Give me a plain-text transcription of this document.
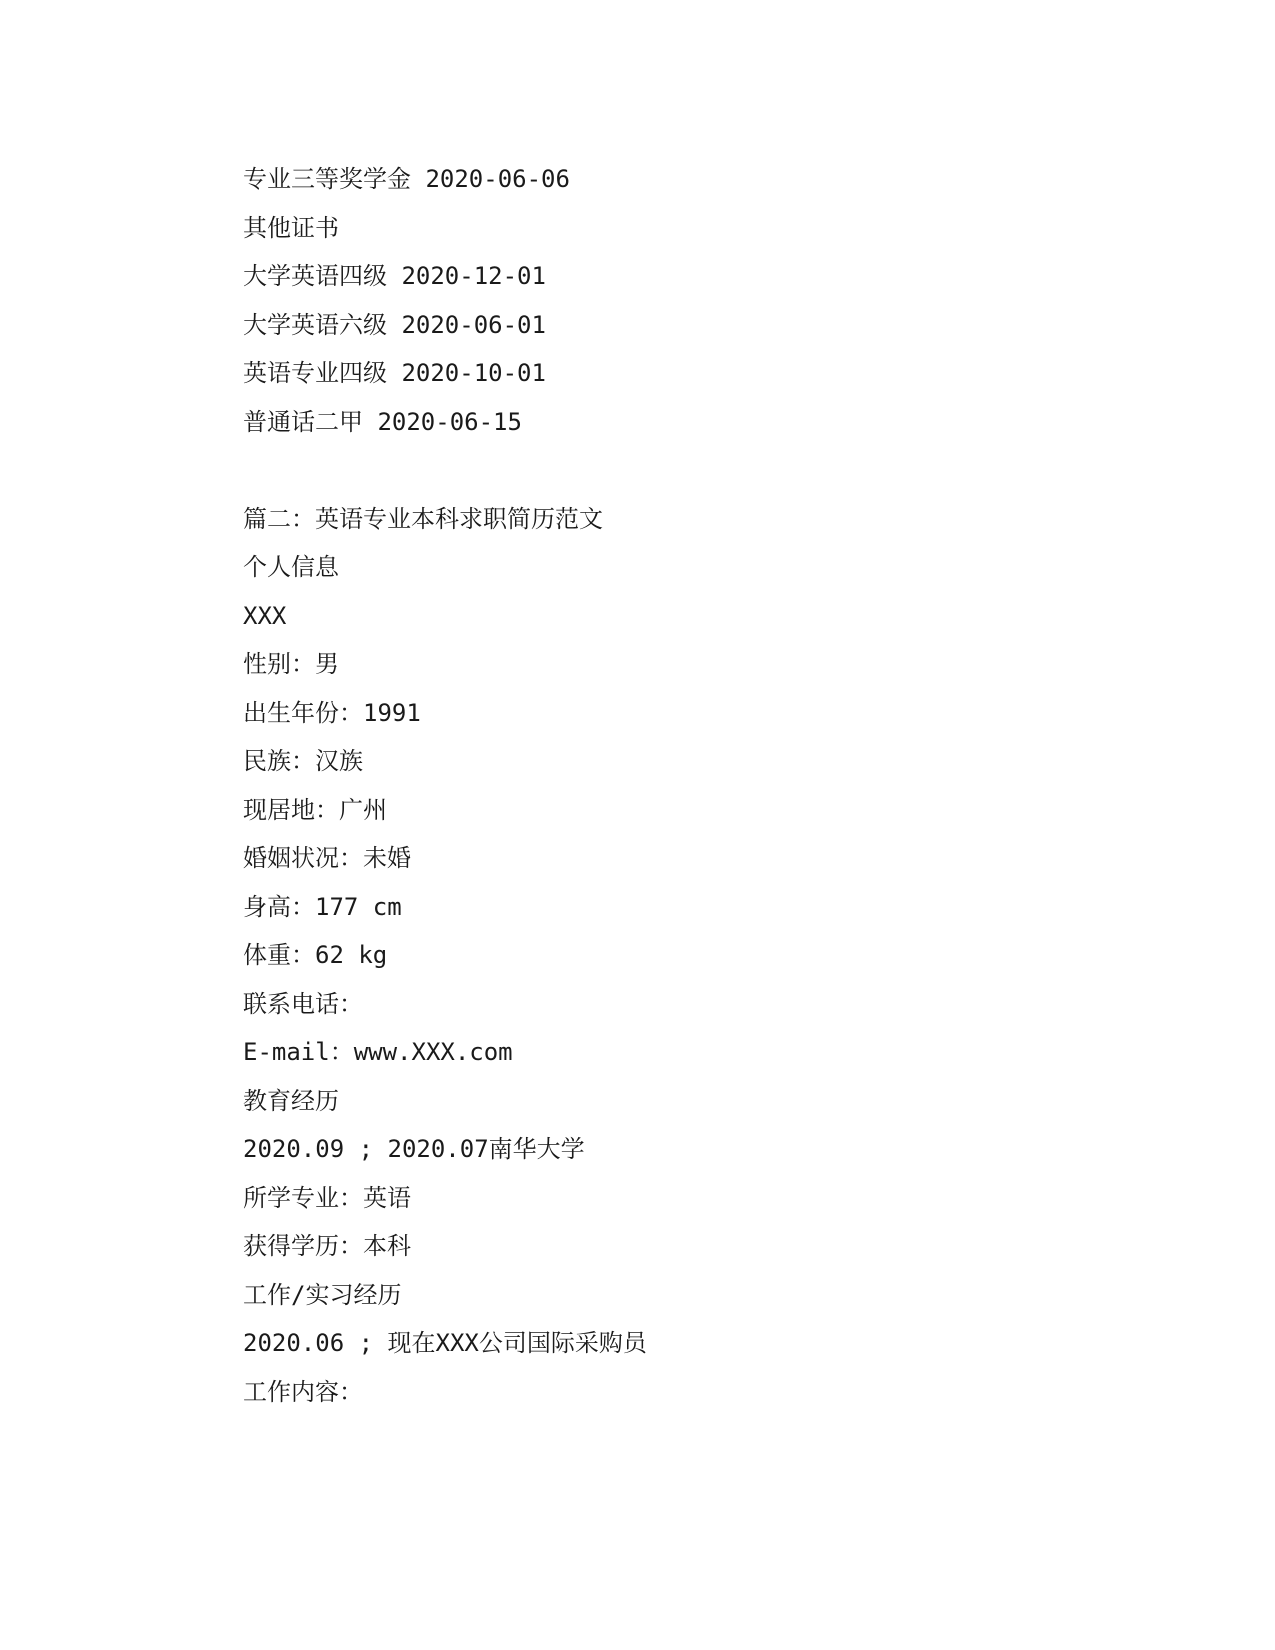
专业三等奖学金 2020-06-06
其他证书
大学英语四级 2020-12-01
大学英语六级 2020-06-01
英语专业四级 2020-10-01
普通话二甲 2020-06-15
篇二：英语专业本科求职简历范文
个人信息
XXX
性别：男
出生年份：1991
民族：汉族
现居地：广州
婚姻状况：未婚
身高：177 cm
体重：62 kg
联系电话：
E-mail：www.XXX.com
教育经历
2020.09 ; 2020.07南华大学
所学专业：英语
获得学历：本科
工作/实习经历
2020.06 ; 现在XXX公司国际采购员
工作内容：
